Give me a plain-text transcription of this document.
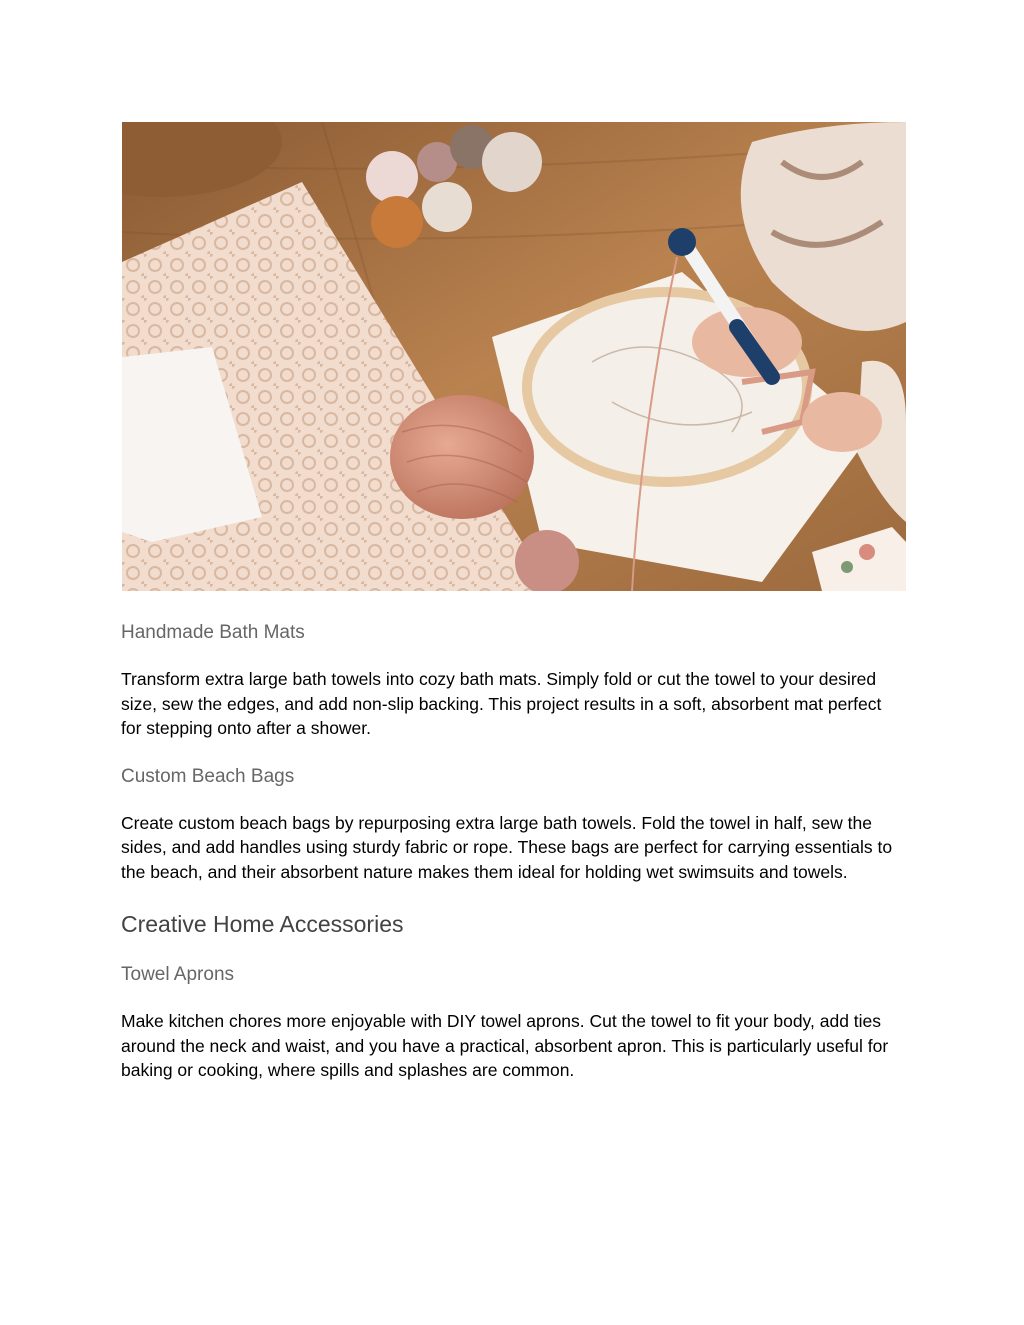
Handmade Bath Mats

Transform extra large bath towels into cozy bath mats. Simply fold or cut the towel to your desired size, sew the edges, and add non-slip backing. This project results in a soft, absorbent mat perfect for stepping onto after a shower.

Custom Beach Bags

Create custom beach bags by repurposing extra large bath towels. Fold the towel in half, sew the sides, and add handles using sturdy fabric or rope. These bags are perfect for carrying essentials to the beach, and their absorbent nature makes them ideal for holding wet swimsuits and towels.

Creative Home Accessories
Towel Aprons

Make kitchen chores more enjoyable with DIY towel aprons. Cut the towel to fit your body, add ties around the neck and waist, and you have a practical, absorbent apron. This is particularly useful for baking or cooking, where spills and splashes are common.
